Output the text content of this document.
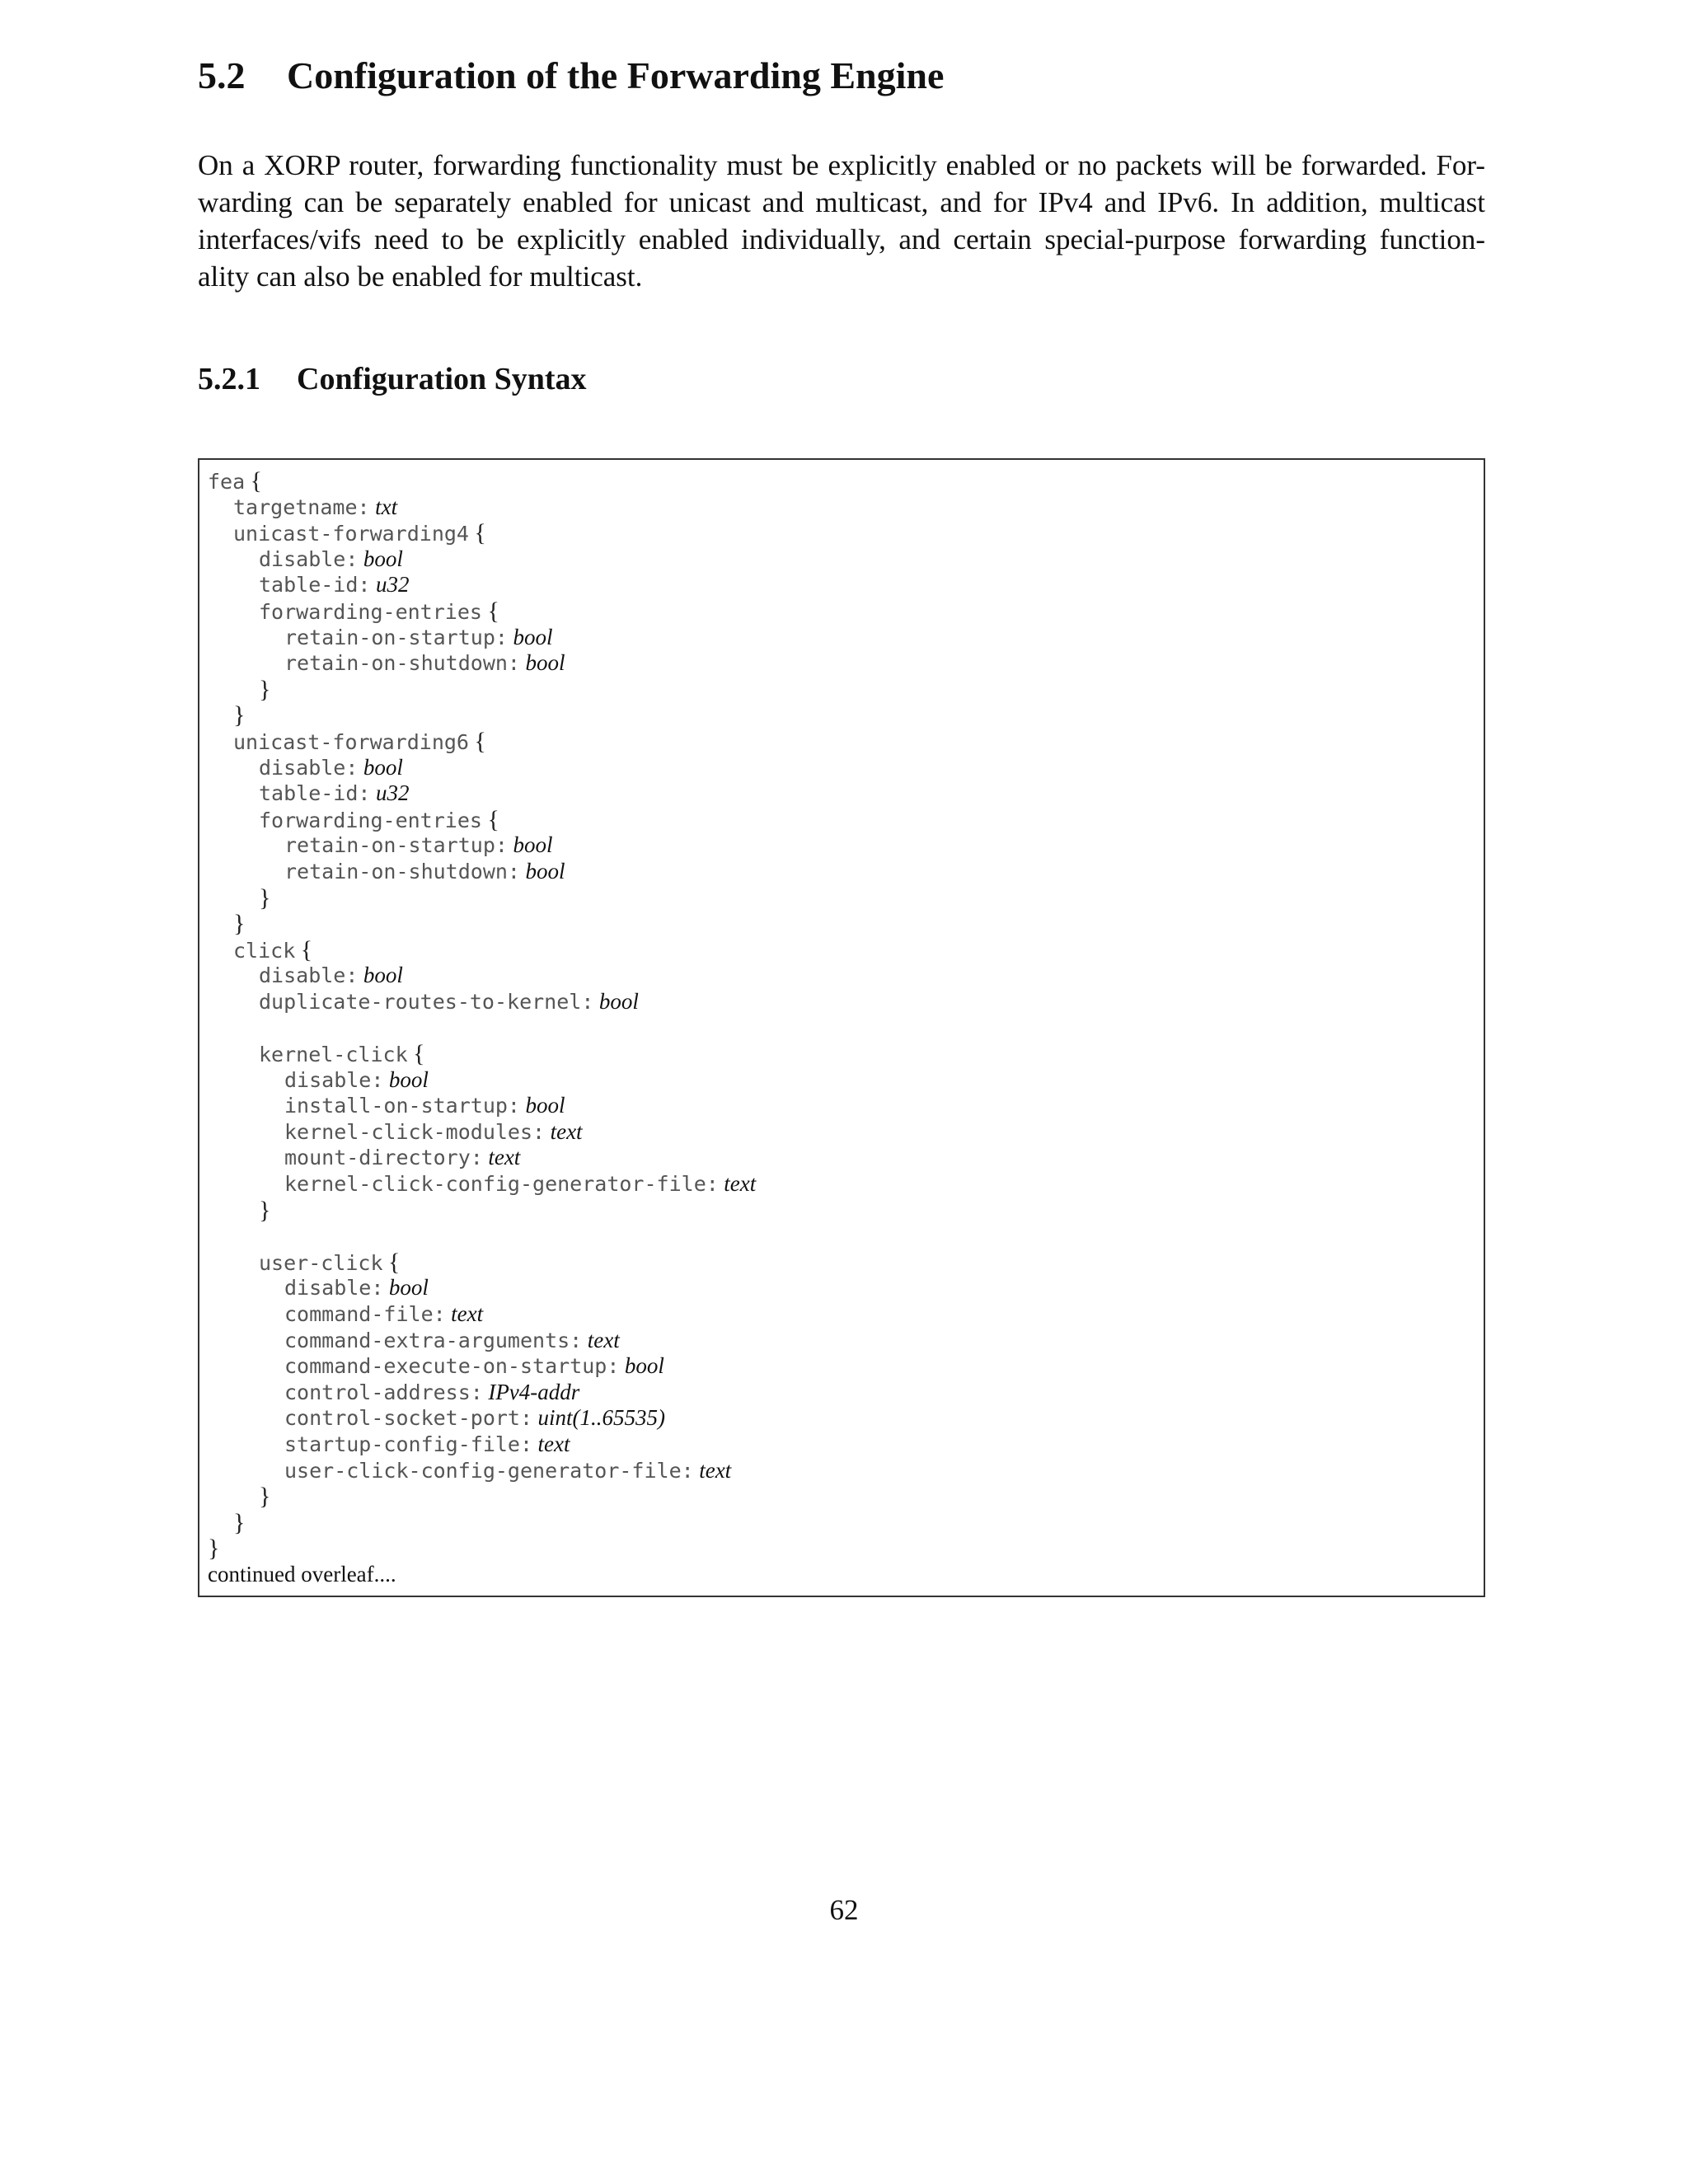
5.2 Configuration of the Forwarding Engine

On a XORP router, forwarding functionality must be explicitly enabled or no packets will be forwarded. For-
warding can be separately enabled for unicast and multicast, and for IPv4 and IPv6. In addition, multicast
interfaces/vifs need to be explicitly enabled individually, and certain special-purpose forwarding function-
ality can also be enabled for multicast.

5.2.1 Configuration Syntax
fea {
targetname: txt
unicast-forwarding4 {
disable: bool
table-id: u32
forwarding-entries {
retain-on-startup: bool
retain-on-shutdown: bool
}
}
unicast-forwarding6 {
disable: bool
table-id: u32
forwarding-entries {
retain-on-startup: bool
retain-on-shutdown: bool
}
}
click {
disable: bool
duplicate-routes-to-kernel: bool
kernel-click {
disable: bool
install-on-startup: bool
kernel-click-modules: text
mount-directory: text
kernel-click-config-generator-file: text
}
user-click {
disable: bool
command-file: text
command-extra-arguments: text
command-execute-on-startup: bool
control-address: IPv4-addr
control-socket-port: uint(1..65535)
startup-config-file: text
user-click-config-generator-file: text
}
}
}
continued overleaf....
62
